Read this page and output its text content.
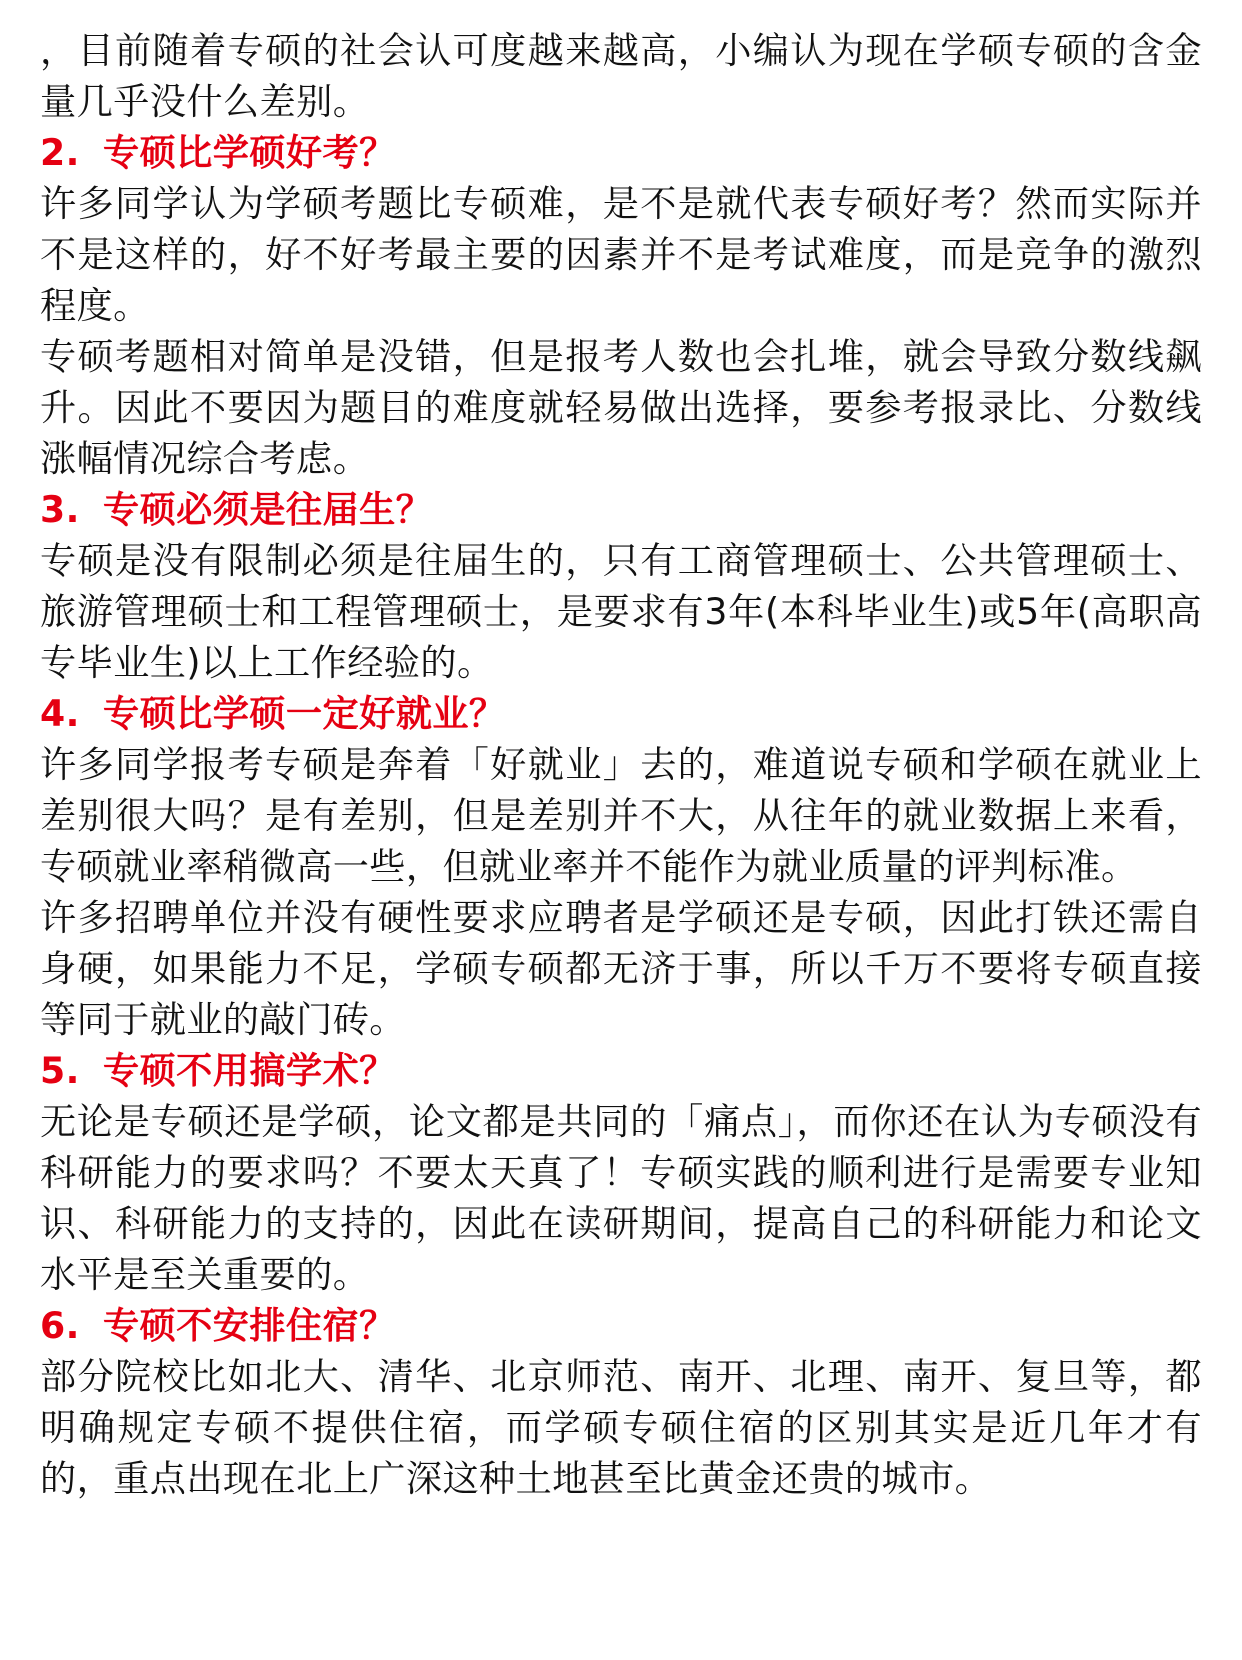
，目前随着专硕的社会认可度越来越高，小编认为现在学硕专硕的含金量几乎没什么差别。

2. 专硕比学硕好考？

许多同学认为学硕考题比专硕难，是不是就代表专硕好考？然而实际并不是这样的，好不好考最主要的因素并不是考试难度，而是竞争的激烈程度。

专硕考题相对简单是没错，但是报考人数也会扎堆，就会导致分数线飙升。因此不要因为题目的难度就轻易做出选择，要参考报录比、分数线涨幅情况综合考虑。

3. 专硕必须是往届生？

专硕是没有限制必须是往届生的，只有工商管理硕士、公共管理硕士、旅游管理硕士和工程管理硕士，是要求有3年(本科毕业生)或5年(高职高专毕业生)以上工作经验的。

4. 专硕比学硕一定好就业？

许多同学报考专硕是奔着「好就业」去的，难道说专硕和学硕在就业上差别很大吗？是有差别，但是差别并不大，从往年的就业数据上来看，专硕就业率稍微高一些，但就业率并不能作为就业质量的评判标准。

许多招聘单位并没有硬性要求应聘者是学硕还是专硕，因此打铁还需自身硬，如果能力不足，学硕专硕都无济于事，所以千万不要将专硕直接等同于就业的敲门砖。

5. 专硕不用搞学术？

无论是专硕还是学硕，论文都是共同的「痛点」，而你还在认为专硕没有科研能力的要求吗？不要太天真了！专硕实践的顺利进行是需要专业知识、科研能力的支持的，因此在读研期间，提高自己的科研能力和论文水平是至关重要的。

6. 专硕不安排住宿？

部分院校比如北大、清华、北京师范、南开、北理、南开、复旦等，都明确规定专硕不提供住宿，而学硕专硕住宿的区别其实是近几年才有的，重点出现在北上广深这种土地甚至比黄金还贵的城市。
